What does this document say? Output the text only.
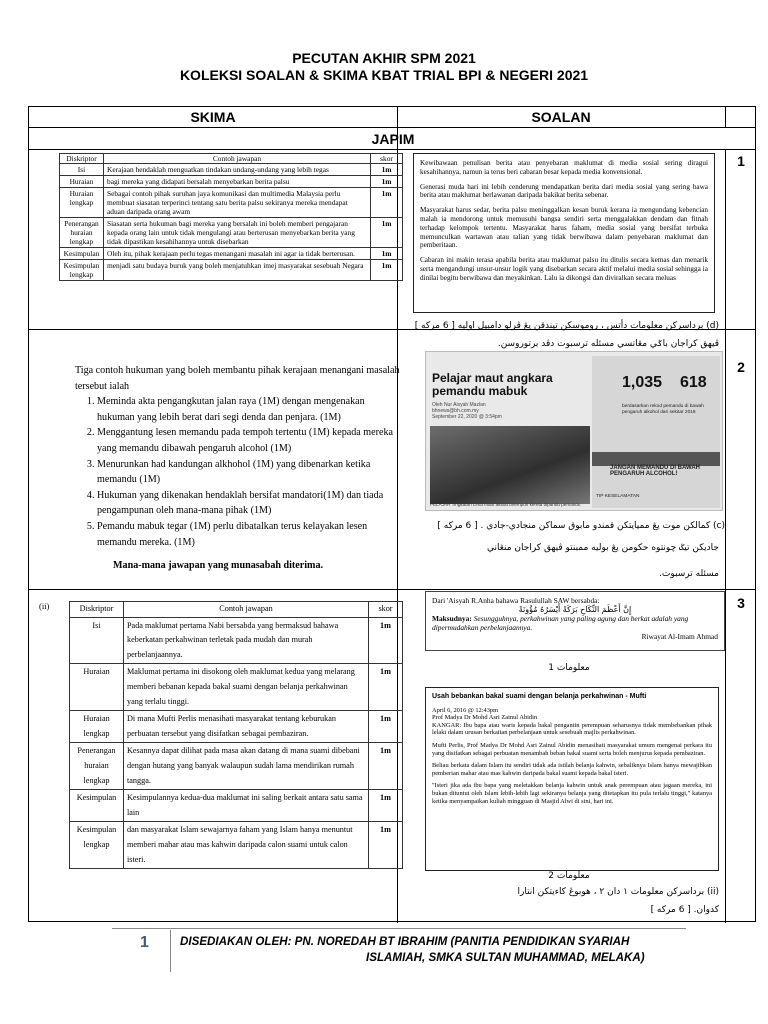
PECUTAN AKHIR SPM 2021
KOLEKSI SOALAN & SKIMA KBAT TRIAL BPI & NEGERI 2021
SKIMA	SOALAN
JAPIM
Diskriptor	Contoh jawapan	skor
Isi	Kerajaan hendaklah menguatkan tindakan undang-undang yang lebih tegas	1m
Huraian	bagi mereka yang didapati bersalah menyebarkan berita palsu	1m
Huraian lengkap	Sebagai contoh pihak suruhan jaya komunikasi dan multimedia Malaysia perlu membuat siasatan terperinci tentang satu berita palsu sekiranya mereka mendapat aduan daripada orang awam	1m
Penerangan huraian lengkap	Siasatan serta hukuman bagi mereka yang bersalah ini boleh memberi pengajaran kepada orang lain untuk tidak mengulangi atau berterusan menyebarkan berita yang tidak dipastikan kesahihannya untuk disebarkan	1m
Kesimpulan	Oleh itu, pihak kerajaan perlu tegas menangani masalah ini agar ia tidak berterusan.	1m
Kesimpulan lengkap	menjadi satu budaya buruk yang boleh menjatuhkan imej masyarakat sesebuah Negara	1m

Kewibawaan penulisan berita atau penyebaran maklumat di media sosial sering diragui kesahihannya, namun ia terus beri cabaran besar kepada media konvensional.

Generasi muda hari ini lebih cenderung mendapatkan berita dari media sosial yang sering bawa berita atau maklumat berlawanan daripada bakikat berita sebenar.

Masyarakat harus sedar, berita palsu meninggalkan kesan buruk kerana ia mengundang kebencian malah ia mendorong untuk memusuhi bangsa sendiri serta menggalakkan dendam dan fitnah terhadap kelompok tertentu. Masyarakat harus faham, media sosial yang bersifat terbuka memunculkan wartawan atau talian yang tidak berwibawa dalam penyebaran maklumat dan pemberitaan.

Cabaran ini makin terasa apabila berita atau maklumat palsu itu ditulis secara kemas dan menarik serta mengandungi unsur-unsur logik yang disebarkan secara aktif melalui media sosial sehingga ia dinilai begitu berwibawa dan meyakinkan. Lalu ia dikongsi dan diviralkan secara meluas

(d) برداسرکن معلومات دأتس ، روموسکن تيندقن يڠ ڤرلو دامبيل اوليه [ 6 مرکه ]
ڤيهق کراجان باݢي مڠاتسي مسئله ترسبوت دڤد برتوروسن.
1
Tiga contoh hukuman yang boleh membantu pihak kerajaan menangani masalah tersebut ialah
1. Meminda akta pengangkutan jalan raya (1M) dengan mengenakan hukuman yang lebih berat dari segi denda dan penjara. (1M)
2. Menggantung lesen memandu pada tempoh tertentu (1M) kepada mereka yang memandu dibawah pengaruh alcohol (1M)
3. Menurunkan had kandungan alkhohol (1M) yang dibenarkan ketika memandu (1M)
4. Hukuman yang dikenakan hendaklah bersifat mandatori(1M) dan tiada pengampunan oleh mana-mana pihak (1M)
5. Pemandu mabuk tegar (1M) perlu dibatalkan terus kelayakan lesen memandu mereka. (1M)
Mana-mana jawapan yang munasabah diterima.
Pelajar maut angkara pemandu mabuk
Oleh Nur Aisyah Mazlan
bhnews@bh.com.my
September 22, 2020 @ 3:54pm
PELAJAR Tingkatan Lima maut akibat dirempuh kereta dipandu pemandu
1,035 618
berdasarkan rekod pemandu di bawah pengaruh alkohol dari sekitar 2018
JANGAN MEMANDU DI BAWAH PENGARUH ALCOHOL!
TIP KESELAMATAN
(c) کمالکن موت يڠ مميايتکن قمندو مابوق سماکن منجادي-جادي . [ 6 مرکه ]
جاديکن تيݢ چونتوه حکومن يڠ بوليه ممبنتو ڤيهق کراجان منڠاني
مسئله ترسبوت.
2
(ii)	Diskriptor	Contoh jawapan	skor
Isi	Pada maklumat pertama Nabi bersabda yang bermaksud bahawa keberkatan perkahwinan terletak pada mudah dan murah perbelanjaannya.	1m
Huraian	Maklumat pertama ini disokong oleh maklumat kedua yang melarang memberi bebanan kepada bakal suami dengan belanja perkahwinan yang terlalu tinggi.	1m
Huraian lengkap	Di mana Mufti Perlis menasihati masyarakat tentang keburukan perbuatan tersebut yang disifatkan sebagai pembaziran.	1m
Penerangan huraian lengkap	Kesannya dapat dilihat pada masa akan datang di mana suami dibebani dengan hutang yang banyak walaupun sudah lama mendirikan rumah tangga.	1m
Kesimpulan	Kesimpulannya kedua-dua maklumat ini saling berkait antara satu sama lain	1m
Kesimpulan lengkap	dan masyarakat Islam sewajarnya faham yang Islam hanya menuntut memberi mahar atau mas kahwin daripada calon suami untuk calon isteri.	1m
Dari 'Aisyah R.Anha bahawa Rasulullah SAW bersabda:
إِنَّ أَعْظَمَ النِّكَاحِ بَرَكَةً أَيْسَرُهُ مُؤُونَةً
Maksudnya: Sesungguhnya, perkahwinan yang paling agung dan berkat adalah yang dipermudahkan perbelanjaannya.
Riwayat Al-Imam Ahmad
معلومات 1
Usah bebankan bakal suami dengan belanja perkahwinan - Mufti
April 6, 2016 @ 12:43pm
Prof Madya Dr Mohd Asri Zainul Abidin

KANGAR: Ibu bapa atau waris kepada bakal pengantin perempuan seharusnya tidak membebankan pihak lelaki dalam urusan berkaitan perbelanjaan untuk sesebuah majlis perkahwinan.

Mufti Perlis, Prof Madya Dr Mohd Asri Zainul Abidin menasihati masyarakat umum mengenai perkara itu yang disifatkan sebagai perbuatan menambah beban bakal suami serta boleh menjurus kepada pembaziran.

Beliau berkata dalam Islam itu sendiri tidak ada istilah belanja kahwin, sebaliknya Islam hanya mewajibkan pemberian mahar atau mas kahwin daripada bakal suami kepada bakal isteri.

"Isteri jika ada ibu bapa yang meletakkan belanja kahwin untuk anak perempuan atau jagaan mereka, ini bukan dituntut oleh Islam lebih-lebih lagi sekiranya belanja yang ditetapkan itu pula terlalu tinggi," katanya ketika menyampaikan kuliah mingguan di Masjid Alwi di sini, hari ini.

معلومات 2
(ii) برداسرکن معلومات ١ دان ٢ ، هوبوڠ کاءيتکن انتارا
کدوان. [ 6 مرکه ]
3
1	DISEDIAKAN OLEH: PN. NOREDAH BT IBRAHIM (PANITIA PENDIDIKAN SYARIAH
ISLAMIAH, SMKA SULTAN MUHAMMAD, MELAKA)
